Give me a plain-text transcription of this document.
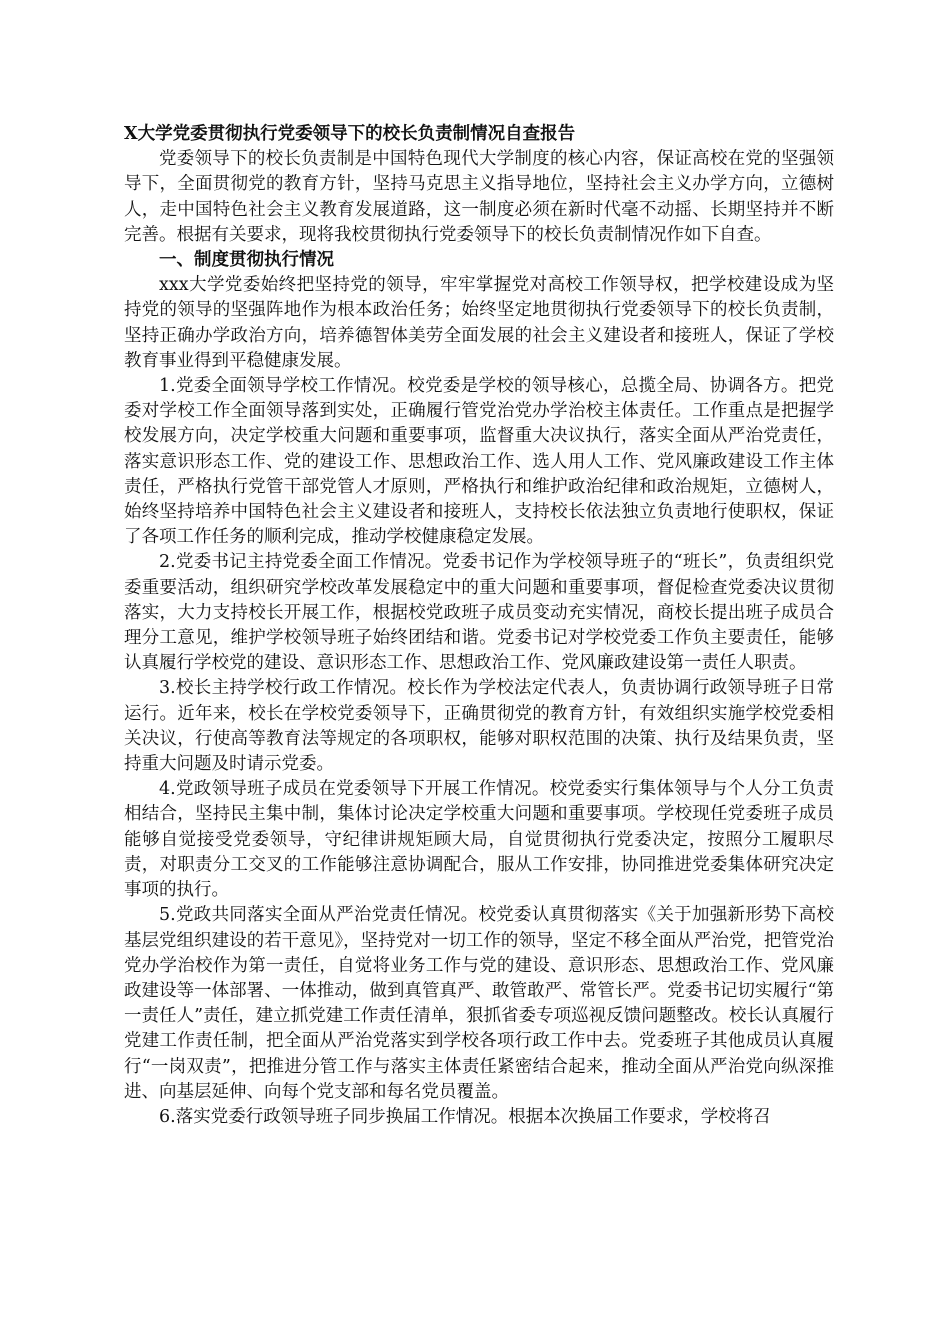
X大学党委贯彻执行党委领导下的校长负责制情况自查报告

党委领导下的校长负责制是中国特色现代大学制度的核心内容，保证高校在党的坚强领导下，全面贯彻党的教育方针，坚持马克思主义指导地位，坚持社会主义办学方向，立德树人，走中国特色社会主义教育发展道路，这一制度必须在新时代毫不动摇、长期坚持并不断完善。根据有关要求，现将我校贯彻执行党委领导下的校长负责制情况作如下自查。

一、制度贯彻执行情况

xxx大学党委始终把坚持党的领导，牢牢掌握党对高校工作领导权，把学校建设成为坚持党的领导的坚强阵地作为根本政治任务；始终坚定地贯彻执行党委领导下的校长负责制，坚持正确办学政治方向，培养德智体美劳全面发展的社会主义建设者和接班人，保证了学校教育事业得到平稳健康发展。

1.党委全面领导学校工作情况。校党委是学校的领导核心，总揽全局、协调各方。把党委对学校工作全面领导落到实处，正确履行管党治党办学治校主体责任。工作重点是把握学校发展方向，决定学校重大问题和重要事项，监督重大决议执行，落实全面从严治党责任，落实意识形态工作、党的建设工作、思想政治工作、选人用人工作、党风廉政建设工作主体责任，严格执行党管干部党管人才原则，严格执行和维护政治纪律和政治规矩，立德树人，始终坚持培养中国特色社会主义建设者和接班人，支持校长依法独立负责地行使职权，保证了各项工作任务的顺利完成，推动学校健康稳定发展。

2.党委书记主持党委全面工作情况。党委书记作为学校领导班子的“班长”，负责组织党委重要活动，组织研究学校改革发展稳定中的重大问题和重要事项，督促检查党委决议贯彻落实，大力支持校长开展工作，根据校党政班子成员变动充实情况，商校长提出班子成员合理分工意见，维护学校领导班子始终团结和谐。党委书记对学校党委工作负主要责任，能够认真履行学校党的建设、意识形态工作、思想政治工作、党风廉政建设第一责任人职责。

3.校长主持学校行政工作情况。校长作为学校法定代表人，负责协调行政领导班子日常运行。近年来，校长在学校党委领导下，正确贯彻党的教育方针，有效组织实施学校党委相关决议，行使高等教育法等规定的各项职权，能够对职权范围的决策、执行及结果负责，坚持重大问题及时请示党委。

4.党政领导班子成员在党委领导下开展工作情况。校党委实行集体领导与个人分工负责相结合，坚持民主集中制，集体讨论决定学校重大问题和重要事项。学校现任党委班子成员能够自觉接受党委领导，守纪律讲规矩顾大局，自觉贯彻执行党委决定，按照分工履职尽责，对职责分工交叉的工作能够注意协调配合，服从工作安排，协同推进党委集体研究决定事项的执行。

5.党政共同落实全面从严治党责任情况。校党委认真贯彻落实《关于加强新形势下高校基层党组织建设的若干意见》，坚持党对一切工作的领导，坚定不移全面从严治党，把管党治党办学治校作为第一责任，自觉将业务工作与党的建设、意识形态、思想政治工作、党风廉政建设等一体部署、一体推动，做到真管真严、敢管敢严、常管长严。党委书记切实履行“第一责任人”责任，建立抓党建工作责任清单，狠抓省委专项巡视反馈问题整改。校长认真履行党建工作责任制，把全面从严治党落实到学校各项行政工作中去。党委班子其他成员认真履行“一岗双责”，把推进分管工作与落实主体责任紧密结合起来，推动全面从严治党向纵深推进、向基层延伸、向每个党支部和每名党员覆盖。

6.落实党委行政领导班子同步换届工作情况。根据本次换届工作要求，学校将召
